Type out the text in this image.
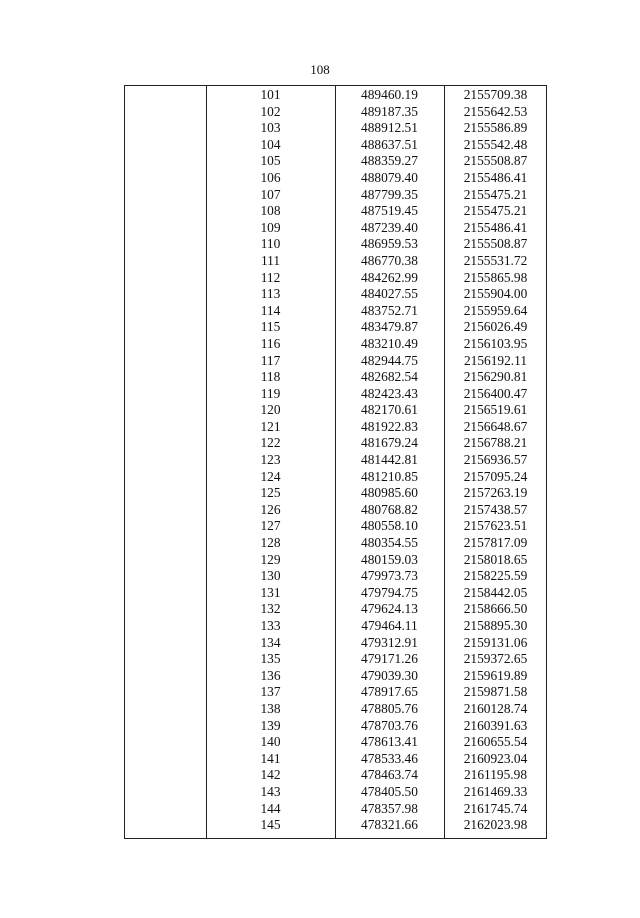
108
101	489460.19	2155709.38
102	489187.35	2155642.53
103	488912.51	2155586.89
104	488637.51	2155542.48
105	488359.27	2155508.87
106	488079.40	2155486.41
107	487799.35	2155475.21
108	487519.45	2155475.21
109	487239.40	2155486.41
110	486959.53	2155508.87
111	486770.38	2155531.72
112	484262.99	2155865.98
113	484027.55	2155904.00
114	483752.71	2155959.64
115	483479.87	2156026.49
116	483210.49	2156103.95
117	482944.75	2156192.11
118	482682.54	2156290.81
119	482423.43	2156400.47
120	482170.61	2156519.61
121	481922.83	2156648.67
122	481679.24	2156788.21
123	481442.81	2156936.57
124	481210.85	2157095.24
125	480985.60	2157263.19
126	480768.82	2157438.57
127	480558.10	2157623.51
128	480354.55	2157817.09
129	480159.03	2158018.65
130	479973.73	2158225.59
131	479794.75	2158442.05
132	479624.13	2158666.50
133	479464.11	2158895.30
134	479312.91	2159131.06
135	479171.26	2159372.65
136	479039.30	2159619.89
137	478917.65	2159871.58
138	478805.76	2160128.74
139	478703.76	2160391.63
140	478613.41	2160655.54
141	478533.46	2160923.04
142	478463.74	2161195.98
143	478405.50	2161469.33
144	478357.98	2161745.74
145	478321.66	2162023.98
